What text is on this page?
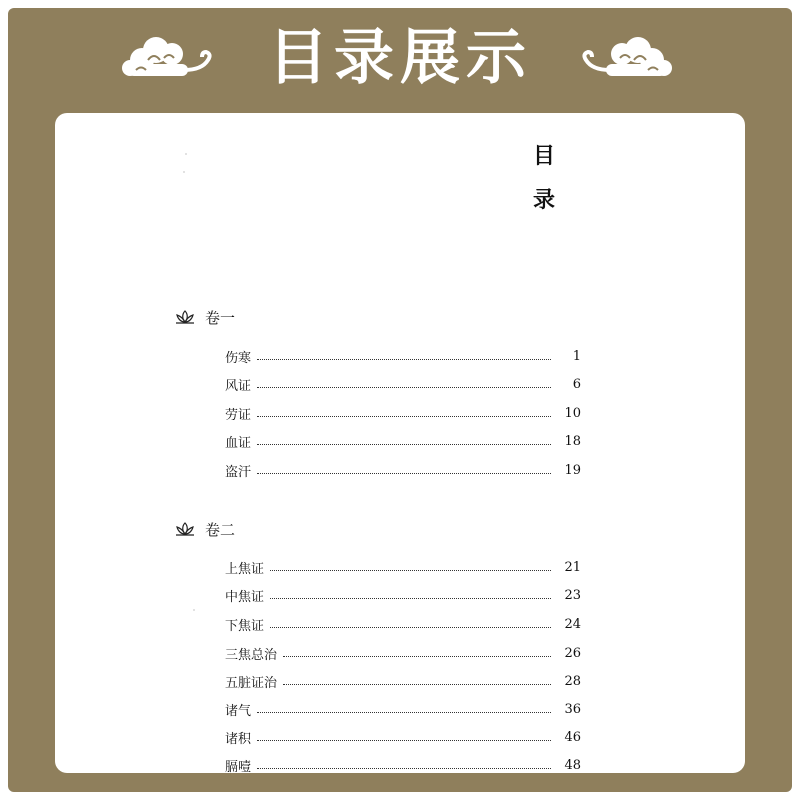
目录展示
目 录
卷一
伤寒	1
风证	6
劳证	10
血证	18
盗汗	19
卷二
上焦证	21
中焦证	23
下焦证	24
三焦总治	26
五脏证治	28
诸气	36
诸积	46
膈噎	48
